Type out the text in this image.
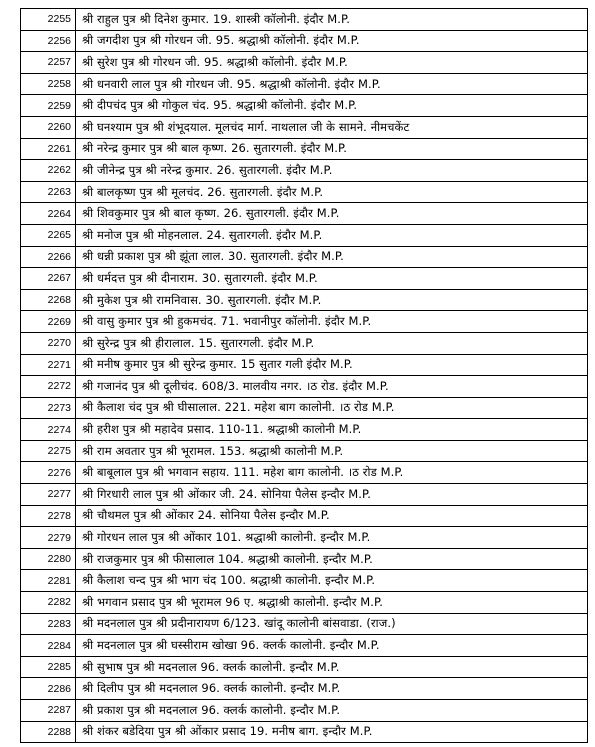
2255	श्री राहुल पुत्र श्री दिनेश कुमार. 19. शास्त्री कॉलोनी. इंदौर M.P.
2256	श्री जगदीश पुत्र श्री गोरधन जी. 95. श्रद्धाश्री कॉलोनी. इंदौर M.P.
2257	श्री सुरेश पुत्र श्री गोरधन जी. 95. श्रद्धाश्री कॉलोनी. इंदौर M.P.
2258	श्री धनवारी लाल पुत्र श्री गोरधन जी. 95. श्रद्धाश्री कॉलोनी. इंदौर M.P.
2259	श्री दीपचंद पुत्र श्री गोकुल चंद. 95. श्रद्धाश्री कॉलोनी. इंदौर M.P.
2260	श्री घनश्याम पुत्र श्री शंभूदयाल. मूलचंद मार्ग. नाथलाल जी के सामने. नीमचकेंट
2261	श्री नरेन्द्र कुमार पुत्र श्री बाल कृष्ण. 26. सुतारगली. इंदौर M.P.
2262	श्री जीनेन्द्र पुत्र श्री नरेन्द्र कुमार. 26. सुतारगली. इंदौर M.P.
2263	श्री बालकृष्ण पुत्र श्री मूलचंद. 26. सुतारगली. इंदौर M.P.
2264	श्री शिवकुमार पुत्र श्री बाल कृष्ण. 26. सुतारगली. इंदौर M.P.
2265	श्री मनोज पुत्र श्री मोहनलाल. 24. सुतारगली. इंदौर M.P.
2266	श्री धन्नी प्रकाश पुत्र श्री झूंता लाल. 30. सुतारगली. इंदौर M.P.
2267	श्री धर्मदत्त पुत्र श्री दीनाराम. 30. सुतारगली. इंदौर M.P.
2268	श्री मुकेश पुत्र श्री रामनिवास. 30. सुतारगली. इंदौर M.P.
2269	श्री वासु कुमार पुत्र श्री हुकमचंद. 71. भवानीपुर कॉलोनी. इंदौर M.P.
2270	श्री सुरेन्द्र पुत्र श्री हीरालाल. 15. सुतारगली. इंदौर M.P.
2271	श्री मनीष कुमार पुत्र श्री सुरेन्द्र कुमार. 15 सुतार गली इंदौर M.P.
2272	श्री गजानंद पुत्र श्री दूलीचंद. 608/3. मालवीय नगर. ।ठ रोड. इंदौर M.P.
2273	श्री कैलाश चंद पुत्र श्री घीसालाल. 221. महेश बाग कालोनी. ।ठ रोड M.P.
2274	श्री हरीश पुत्र श्री महादेव प्रसाद. 110-11. श्रद्धाश्री कालोनी M.P.
2275	श्री राम अवतार पुत्र श्री भूरामल. 153. श्रद्धाश्री कालोनी M.P.
2276	श्री बाबूलाल पुत्र श्री भगवान सहाय. 111. महेश बाग कालोनी. ।ठ रोड M.P.
2277	श्री गिरधारी लाल पुत्र श्री ओंकार जी. 24. सोनिया पैलेस इन्दौर M.P.
2278	श्री चौथमल पुत्र श्री ओंकार 24. सोनिया पैलेस इन्दौर M.P.
2279	श्री गोरधन लाल पुत्र श्री ओंकार 101. श्रद्धाश्री कालोनी. इन्दौर M.P.
2280	श्री राजकुमार पुत्र श्री फीसालाल 104. श्रद्धाश्री कालोनी. इन्दौर M.P.
2281	श्री कैलाश चन्द पुत्र श्री भाग चंद 100. श्रद्धाश्री कालोनी. इन्दौर M.P.
2282	श्री भगवान प्रसाद पुत्र श्री भूरामल 96 ए. श्रद्धाश्री कालोनी. इन्दौर M.P.
2283	श्री मदनलाल पुत्र श्री प्रदीनारायण 6/123. खांदू कालोनी बांसवाडा. (राज.)
2284	श्री मदनलाल पुत्र श्री घस्सीराम खोखा 96. क्लर्क कालोनी. इन्दौर M.P.
2285	श्री सुभाष पुत्र श्री मदनलाल 96. क्लर्क कालोनी. इन्दौर M.P.
2286	श्री दिलीप पुत्र श्री मदनलाल 96. क्लर्क कालोनी. इन्दौर M.P.
2287	श्री प्रकाश पुत्र श्री मदनलाल 96. क्लर्क कालोनी. इन्दौर M.P.
2288	श्री शंकर बडेदिया पुत्र श्री ओंकार प्रसाद 19. मनीष बाग. इन्दौर M.P.
